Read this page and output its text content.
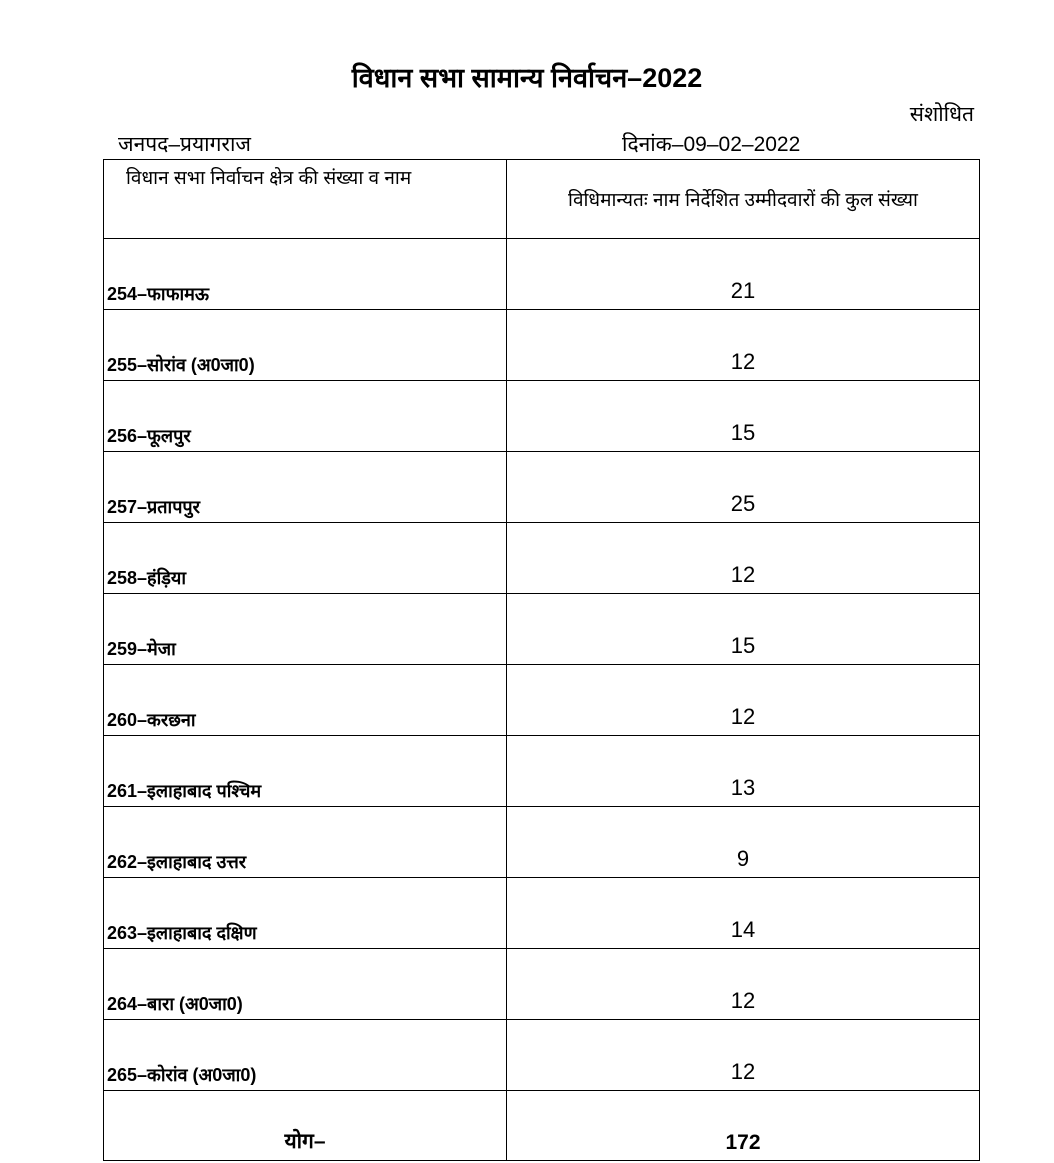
विधान सभा सामान्य निर्वाचन–2022
संशोधित
जनपद–प्रयागराज	दिनांक–09–02–2022
विधान सभा निर्वाचन क्षेत्र की संख्या व नाम	विधिमान्यतः नाम निर्देशित उम्मीदवारों की कुल संख्या
254–फाफामऊ	21
255–सोरांव (अ0जा0)	12
256–फूलपुर	15
257–प्रतापपुर	25
258–हंड़िया	12
259–मेजा	15
260–करछना	12
261–इलाहाबाद पश्चिम	13
262–इलाहाबाद उत्तर	9
263–इलाहाबाद दक्षिण	14
264–बारा (अ0जा0)	12
265–कोरांव (अ0जा0)	12
योग–	172
